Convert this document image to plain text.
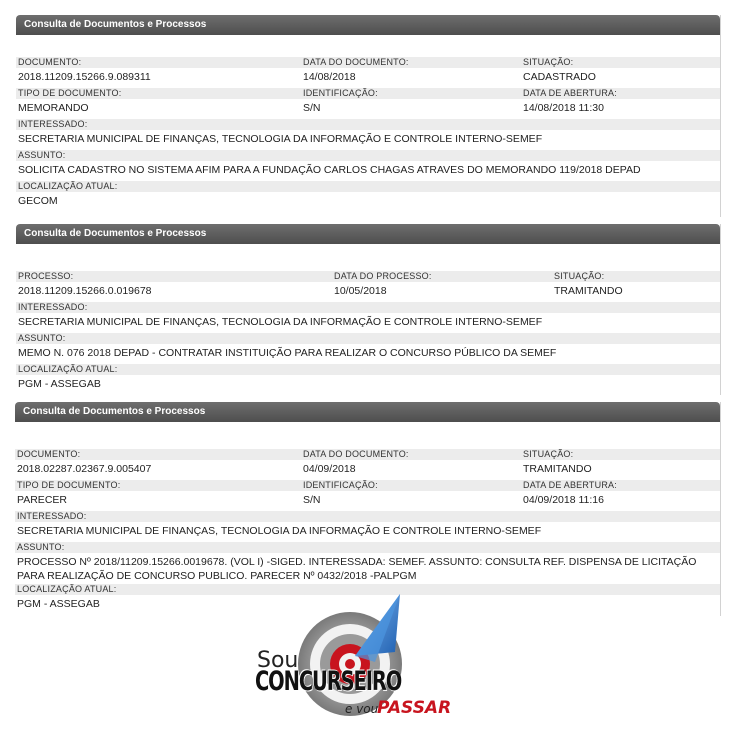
Consulta de Documentos e Processos
DOCUMENTO:	DATA DO DOCUMENTO:	SITUAÇÃO:
2018.11209.15266.9.089311	14/08/2018	CADASTRADO
TIPO DE DOCUMENTO:	IDENTIFICAÇÃO:	DATA DE ABERTURA:
MEMORANDO	S/N	14/08/2018 11:30
INTERESSADO:
SECRETARIA MUNICIPAL DE FINANÇAS, TECNOLOGIA DA INFORMAÇÃO E CONTROLE INTERNO-SEMEF
ASSUNTO:
SOLICITA CADASTRO NO SISTEMA AFIM PARA A FUNDAÇÃO CARLOS CHAGAS ATRAVES DO MEMORANDO 119/2018 DEPAD
LOCALIZAÇÃO ATUAL:
GECOM
Consulta de Documentos e Processos
PROCESSO:	DATA DO PROCESSO:	SITUAÇÃO:
2018.11209.15266.0.019678	10/05/2018	TRAMITANDO
INTERESSADO:
SECRETARIA MUNICIPAL DE FINANÇAS, TECNOLOGIA DA INFORMAÇÃO E CONTROLE INTERNO-SEMEF
ASSUNTO:
MEMO N. 076 2018 DEPAD - CONTRATAR INSTITUIÇÃO PARA REALIZAR O CONCURSO PÚBLICO DA SEMEF
LOCALIZAÇÃO ATUAL:
PGM - ASSEGAB
Consulta de Documentos e Processos
DOCUMENTO:	DATA DO DOCUMENTO:	SITUAÇÃO:
2018.02287.02367.9.005407	04/09/2018	TRAMITANDO
TIPO DE DOCUMENTO:	IDENTIFICAÇÃO:	DATA DE ABERTURA:
PARECER	S/N	04/09/2018 11:16
INTERESSADO:
SECRETARIA MUNICIPAL DE FINANÇAS, TECNOLOGIA DA INFORMAÇÃO E CONTROLE INTERNO-SEMEF
ASSUNTO:
PROCESSO Nº 2018/11209.15266.0019678. (VOL I) -SIGED. INTERESSADA: SEMEF. ASSUNTO: CONSULTA REF. DISPENSA DE LICITAÇÃO PARA REALIZAÇÃO DE CONCURSO PUBLICO. PARECER Nº 0432/2018 -PALPGM
LOCALIZAÇÃO ATUAL:
PGM - ASSEGAB
Sou
CONCURSEIRO
e vou
PASSAR
